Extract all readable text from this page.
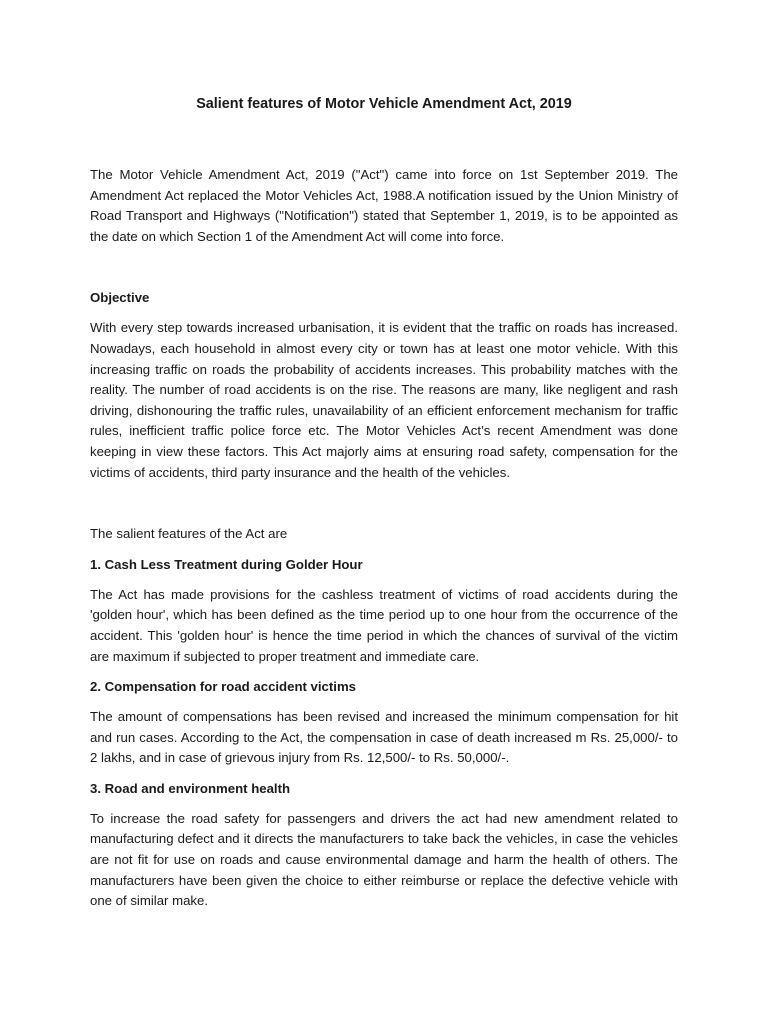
Salient features of Motor Vehicle Amendment Act, 2019

The Motor Vehicle Amendment Act, 2019 ("Act") came into force on 1st September 2019. The Amendment Act replaced the Motor Vehicles Act, 1988.A notification issued by the Union Ministry of Road Transport and Highways ("Notification") stated that September 1, 2019, is to be appointed as the date on which Section 1 of the Amendment Act will come into force.

Objective

With every step towards increased urbanisation, it is evident that the traffic on roads has increased. Nowadays, each household in almost every city or town has at least one motor vehicle. With this increasing traffic on roads the probability of accidents increases. This probability matches with the reality. The number of road accidents is on the rise. The reasons are many, like negligent and rash driving, dishonouring the traffic rules, unavailability of an efficient enforcement mechanism for traffic rules, inefficient traffic police force etc. The Motor Vehicles Act’s recent Amendment was done keeping in view these factors. This Act majorly aims at ensuring road safety, compensation for the victims of accidents, third party insurance and the health of the vehicles.

The salient features of the Act are

1. Cash Less Treatment during Golder Hour

The Act has made provisions for the cashless treatment of victims of road accidents during the 'golden hour', which has been defined as the time period up to one hour from the occurrence of the accident. This 'golden hour' is hence the time period in which the chances of survival of the victim are maximum if subjected to proper treatment and immediate care.

2. Compensation for road accident victims

The amount of compensations has been revised and increased the minimum compensation for hit and run cases. According to the Act, the compensation in case of death increased m Rs. 25,000/- to 2 lakhs, and in case of grievous injury from Rs. 12,500/- to Rs. 50,000/-.

3. Road and environment health

To increase the road safety for passengers and drivers the act had new amendment related to manufacturing defect and it directs the manufacturers to take back the vehicles, in case the vehicles are not fit for use on roads and cause environmental damage and harm the health of others. The manufacturers have been given the choice to either reimburse or replace the defective vehicle with one of similar make.
